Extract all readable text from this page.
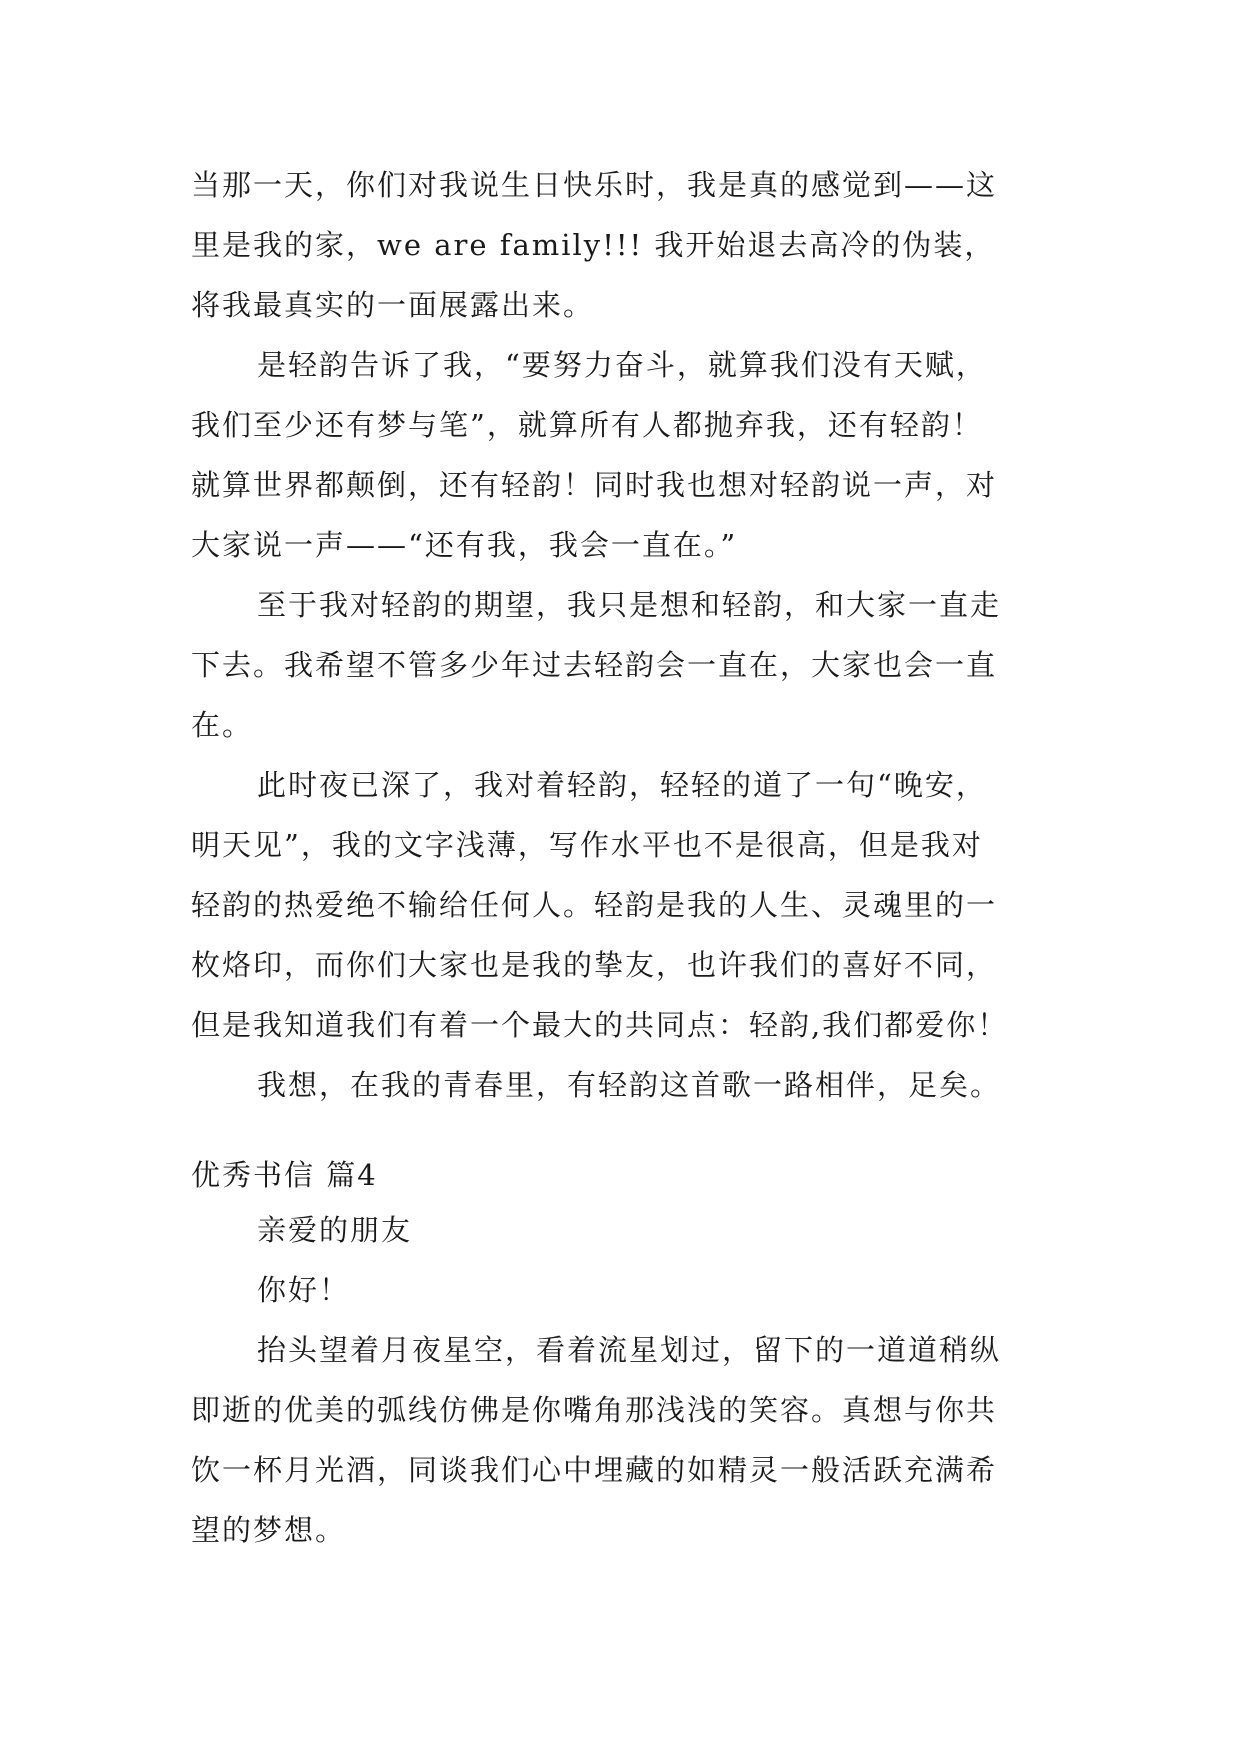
当那一天，你们对我说生日快乐时，我是真的感觉到——这
里是我的家，we are family!!! 我开始退去高冷的伪装，
将我最真实的一面展露出来。
是轻韵告诉了我，“要努力奋斗，就算我们没有天赋，
我们至少还有梦与笔”，就算所有人都抛弃我，还有轻韵！
就算世界都颠倒，还有轻韵！同时我也想对轻韵说一声，对
大家说一声——“还有我，我会一直在。”
至于我对轻韵的期望，我只是想和轻韵，和大家一直走
下去。我希望不管多少年过去轻韵会一直在，大家也会一直
在。
此时夜已深了，我对着轻韵，轻轻的道了一句“晚安，
明天见”，我的文字浅薄，写作水平也不是很高，但是我对
轻韵的热爱绝不输给任何人。轻韵是我的人生、灵魂里的一
枚烙印，而你们大家也是我的挚友，也许我们的喜好不同，
但是我知道我们有着一个最大的共同点：轻韵,我们都爱你！
我想，在我的青春里，有轻韵这首歌一路相伴，足矣。
优秀书信 篇4
亲爱的朋友
你好！
抬头望着月夜星空，看着流星划过，留下的一道道稍纵
即逝的优美的弧线仿佛是你嘴角那浅浅的笑容。真想与你共
饮一杯月光酒，同谈我们心中埋藏的如精灵一般活跃充满希
望的梦想。
